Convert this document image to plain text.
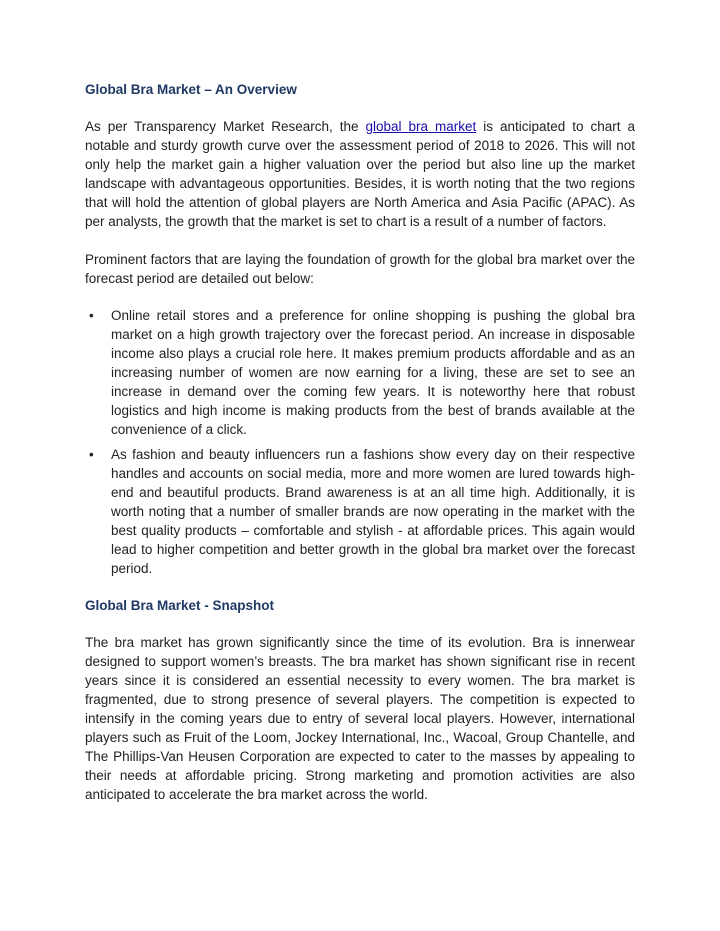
Global Bra Market – An Overview

As per Transparency Market Research, the global bra market is anticipated to chart a notable and sturdy growth curve over the assessment period of 2018 to 2026. This will not only help the market gain a higher valuation over the period but also line up the market landscape with advantageous opportunities. Besides, it is worth noting that the two regions that will hold the attention of global players are North America and Asia Pacific (APAC). As per analysts, the growth that the market is set to chart is a result of a number of factors.

Prominent factors that are laying the foundation of growth for the global bra market over the forecast period are detailed out below:

• Online retail stores and a preference for online shopping is pushing the global bra market on a high growth trajectory over the forecast period. An increase in disposable income also plays a crucial role here. It makes premium products affordable and as an increasing number of women are now earning for a living, these are set to see an increase in demand over the coming few years. It is noteworthy here that robust logistics and high income is making products from the best of brands available at the convenience of a click.
• As fashion and beauty influencers run a fashions show every day on their respective handles and accounts on social media, more and more women are lured towards high-end and beautiful products. Brand awareness is at an all time high. Additionally, it is worth noting that a number of smaller brands are now operating in the market with the best quality products – comfortable and stylish - at affordable prices. This again would lead to higher competition and better growth in the global bra market over the forecast period.
Global Bra Market - Snapshot

The bra market has grown significantly since the time of its evolution. Bra is innerwear designed to support women’s breasts. The bra market has shown significant rise in recent years since it is considered an essential necessity to every women. The bra market is fragmented, due to strong presence of several players. The competition is expected to intensify in the coming years due to entry of several local players. However, international players such as Fruit of the Loom, Jockey International, Inc., Wacoal, Group Chantelle, and The Phillips-Van Heusen Corporation are expected to cater to the masses by appealing to their needs at affordable pricing. Strong marketing and promotion activities are also anticipated to accelerate the bra market across the world.
